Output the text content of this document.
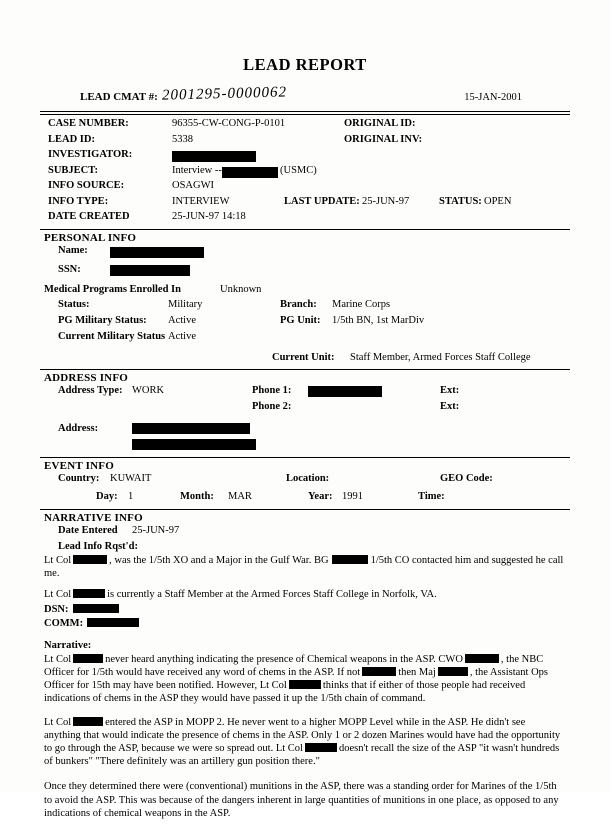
LEAD REPORT
LEAD CMAT #: 2001295-0000062	15-JAN-2001
CASE NUMBER:	96355-CW-CONG-P-0101	ORIGINAL ID:
LEAD ID:	5338	ORIGINAL INV:
INVESTIGATOR:
SUBJECT:	Interview --	(USMC)
INFO SOURCE:	OSAGWI
INFO TYPE:	INTERVIEW	LAST UPDATE: 25-JUN-97	STATUS: OPEN
DATE CREATED	25-JUN-97 14:18
PERSONAL INFO
Name:
SSN:
Medical Programs Enrolled In	Unknown
Status:	Military	Branch: Marine Corps
PG Military Status: Active	PG Unit: 1/5th BN, 1st MarDiv
Current Military Status Active
Current Unit: Staff Member, Armed Forces Staff College
ADDRESS INFO
Address Type: WORK	Phone 1:	Ext:
Phone 2:	Ext:
Address:
EVENT INFO
Country: KUWAIT	Location:	GEO Code:
Day: 1	Month: MAR	Year: 1991	Time:
NARRATIVE INFO
Date Entered 25-JUN-97
Lead Info Rqst'd:

Lt Col	, was the 1/5th XO and a Major in the Gulf War. BG	1/5th CO contacted him and suggested he call me.

Lt Col	is currently a Staff Member at the Armed Forces Staff College in Norfolk, VA.

DSN:

COMM:

Narrative:

Lt Col	never heard anything indicating the presence of Chemical weapons in the ASP. CWO	, the NBC Officer for 1/5th would have received any word of chems in the ASP. If not	then Maj	, the Assistant Ops Officer for 15th may have been notified. However, Lt Col	thinks that if either of those people had received indications of chems in the ASP they would have passed it up the 1/5th chain of command.

Lt Col	entered the ASP in MOPP 2. He never went to a higher MOPP Level while in the ASP. He didn't see anything that would indicate the presence of chems in the ASP. Only 1 or 2 dozen Marines would have had the opportunity to go through the ASP, because we were so spread out. Lt Col	doesn't recall the size of the ASP "it wasn't hundreds of bunkers" "There definitely was an artillery gun position there."

Once they determined there were (conventional) munitions in the ASP, there was a standing order for Marines of the 1/5th to avoid the ASP. This was because of the dangers inherent in large quantities of munitions in one place, as opposed to any indications of chemical weapons in the ASP.
